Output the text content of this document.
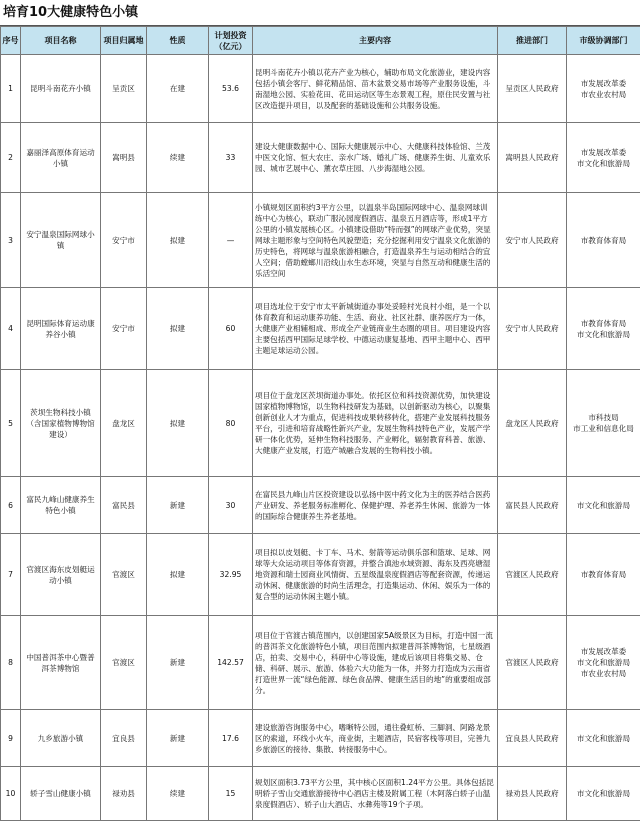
培育10大健康特色小镇
序号	项目名称	项目归属地	性质	计划投资（亿元）	主要内容	推进部门	市级协调部门
1	昆明斗南花卉小镇	呈贡区	在建	53.6	昆明斗南花卉小镇以花卉产业为核心，辅助布局文化旅游业，建设内容包括小镇会客厅、鲜花精品馆、苗木盆景交易市场等产业服务设施，斗南湿地公园、实验花田、花田运动区等生态景观工程，原住民安置与社区改造提升项目，以及配套的基础设施和公共服务设施。	呈贡区人民政府	市发展改革委
市农业农村局
2	嘉丽泽高原体育运动小镇	嵩明县	续建	33	建设大健康数据中心、国际大健康展示中心、大健康科技体验馆、兰茂中医文化馆、恒大农庄、亲水广场、婚礼广场、健康养生街、儿童欢乐园、城市艺展中心、薰衣草庄园、八步海湿地公园。	嵩明县人民政府	市发展改革委
市文化和旅游局
3	安宁温泉国际网球小镇	安宁市	拟建	—	小镇规划区面积约3平方公里，以温泉半岛国际网球中心、温泉网球训练中心为核心，联动广服沁园度假酒店、温泉五月酒店等，形成1平方公里的小镇发展核心区。小镇建设借助“特而强”的网球产业优势，突显网球主题形象与空间特色风貌塑造；充分挖掘利用安宁温泉文化旅游的历史特色，将网球与温泉旅游相融合，打造温泉养生与运动相结合的宜人空间；借助螳螂川沿线山水生态环境，突显与自然互动和健康生活的乐活空间	安宁市人民政府	市教育体育局
4	昆明国际体育运动康养谷小镇	安宁市	拟建	60	项目选址位于安宁市太平新城街道办事处妥睦村光良村小组，是一个以体育教育和运动康养功能、生活、商业、社区社群、康养医疗为一体，大健康产业相辅相成、形成全产业链商业生态圈的项目。项目建设内容主要包括西甲国际足球学校、中德运动康复基地、西甲主题中心、西甲主题足球运动公园。	安宁市人民政府	市教育体育局
市文化和旅游局
5	茨坝生物科技小镇（含国家植物博物馆建设）	盘龙区	拟建	80	项目位于盘龙区茨坝街道办事处。依托区位和科技资源优势，加快建设国家植物博物馆，以生物科技研发为基础，以创新驱动为核心，以聚集创新创业人才为重点，促进科技成果转移转化，搭建产业发展科技服务平台，引进和培育战略性新兴产业，发展生物科技特色产业，发展产学研一体化优势，延伸生物科技服务、产业孵化，辐射教育科普、旅游、大健康产业发展，打造产城融合发展的生物科技小镇。	盘龙区人民政府	市科技局
市工业和信息化局
6	富民九峰山健康养生特色小镇	富民县	新建	30	在富民县九峰山片区投资建设以弘扬中医中药文化为主的医养结合医药产业研发、养老服务标准孵化、保健护理、养老养生休闲、旅游为一体的国际综合健康养生养老基地。	富民县人民政府	市文化和旅游局
7	官渡区海东皮划艇运动小镇	官渡区	拟建	32.95	项目拟以皮划艇、卡丁车、马术、射箭等运动俱乐部和篮球、足球、网球等大众运动项目等体育资源，并整合滇池水域资源、海东及西亮塘湿地资源和瑞士园商业风情街、五星级温泉度假酒店等配套资源，传递运动休闲、健康旅游的时尚生活理念，打造集运动、休闲、娱乐为一体的复合型的运动休闲主题小镇。	官渡区人民政府	市教育体育局
8	中国普洱茶中心暨普洱茶博物馆	官渡区	新建	142.57	项目位于官渡古镇范围内，以创建国家5A级景区为目标，打造中国一流的普洱茶文化旅游特色小镇，项目范围内拟建普洱茶博物馆，七星级酒店，拍卖、交易中心，科研中心等设施，建成后该项目将集交易、仓储、科研、展示、旅游、体验六大功能为一体，并努力打造成为云南省打造世界一流“绿色能源、绿色食品牌、健康生活目的地”的重要组成部分。	官渡区人民政府	市发展改革委
市文化和旅游局
市农业农村局
9	九乡旅游小镇	宜良县	新建	17.6	建设旅游咨询服务中心，嗜晰特公园，通往叠虹桥、三脚洞、阿路龙景区的索道，环线小火车，商业街，主题酒店，民宿客栈等项目，完善九乡旅游区的接待、集散、转接服务中心。	宜良县人民政府	市文化和旅游局
10	轿子雪山健康小镇	禄劝县	续建	15	规划区面积3.73平方公里，其中核心区面积1.24平方公里。具体包括昆明轿子雪山交通旅游接待中心酒店主楼及附属工程（木阿落白轿子山温泉度假酒店）、轿子山大酒店、水彝苑等19个子项。	禄劝县人民政府	市文化和旅游局
